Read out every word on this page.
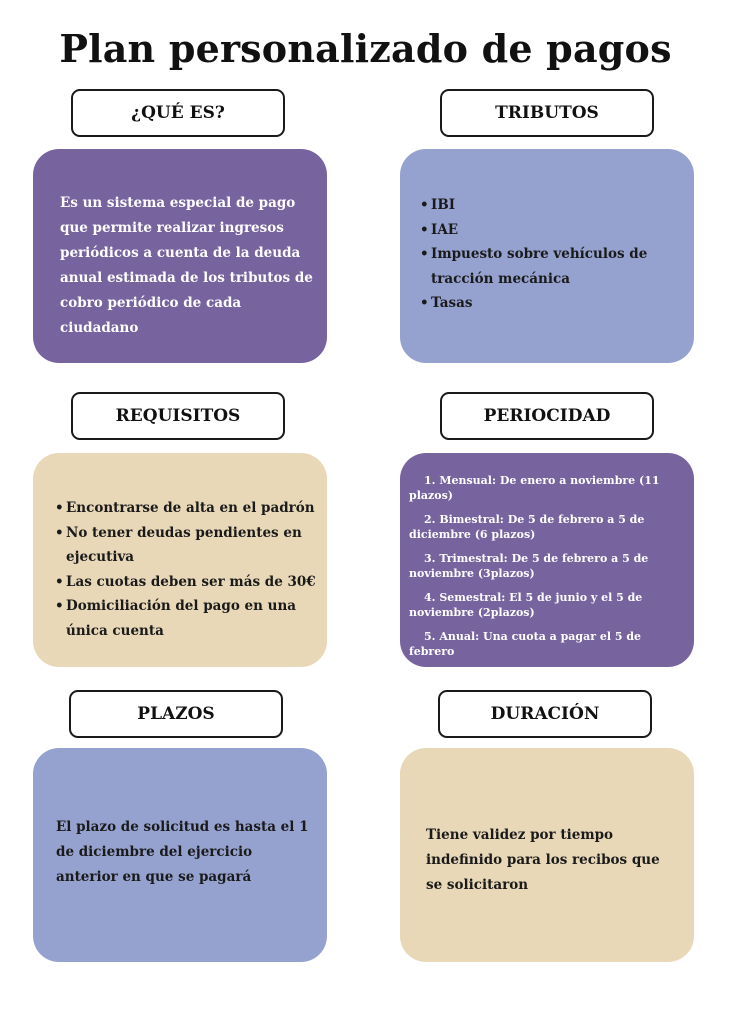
Plan personalizado de pagos
¿QUÉ ES?	TRIBUTOS

Es un sistema especial de pago que permite realizar ingresos periódicos a cuenta de la deuda anual estimada de los tributos de cobro periódico de cada ciudadano

• IBI
• IAE
• Impuesto sobre vehículos de tracción mecánica
• Tasas
REQUISITOS	PERIOCIDAD
• Encontrarse de alta en el padrón
• No tener deudas pendientes en ejecutiva
• Las cuotas deben ser más de 30€
• Domiciliación del pago en una única cuenta
1. Mensual: De enero a noviembre (11 plazos)
2. Bimestral: De 5 de febrero a 5 de diciembre (6 plazos)
3. Trimestral: De 5 de febrero a 5 de noviembre (3plazos)
4. Semestral: El 5 de junio y el 5 de noviembre (2plazos)
5. Anual: Una cuota a pagar el 5 de febrero
PLAZOS	DURACIÓN

El plazo de solicitud es hasta el 1 de diciembre del ejercicio anterior en que se pagará

Tiene validez por tiempo indefinido para los recibos que se solicitaron
